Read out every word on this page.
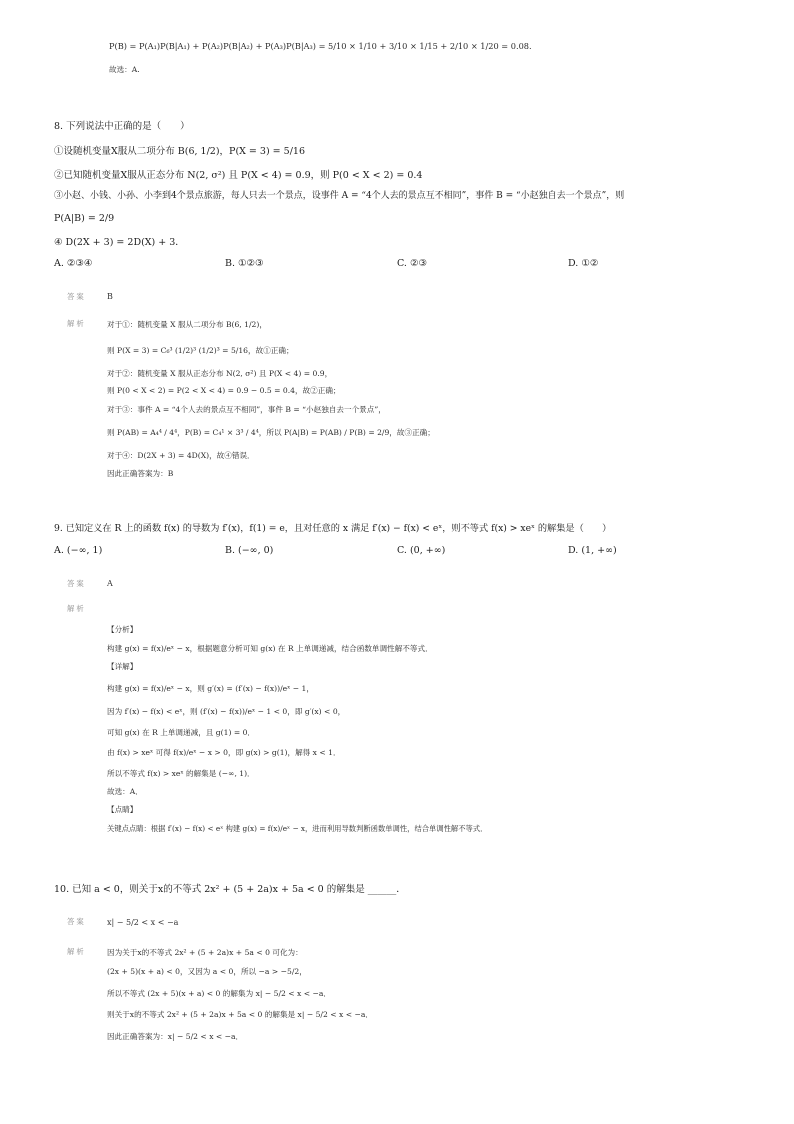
P(B) = P(A₁)P(B|A₁) + P(A₂)P(B|A₂) + P(A₃)P(B|A₃) = 5/10 × 1/10 + 3/10 × 1/15 + 2/10 × 1/20 = 0.08.
故选：A.
8. 下列说法中正确的是（　　）
①设随机变量X服从二项分布 B(6, 1/2)，P(X = 3) = 5/16
②已知随机变量X服从正态分布 N(2, σ²) 且 P(X < 4) = 0.9，则 P(0 < X < 2) = 0.4
③小赵、小钱、小孙、小李到4个景点旅游，每人只去一个景点，设事件 A = “4个人去的景点互不相同”，事件 B = “小赵独自去一个景点”，则
P(A|B) = 2/9
④ D(2X + 3) = 2D(X) + 3．
A. ②③④	B. ①②③	C. ②③	D. ①②
答案	B
解析	对于①：随机变量 X 服从二项分布 B(6, 1/2)，
则 P(X = 3) = C₆³ (1/2)³ (1/2)³ = 5/16，故①正确；
对于②：随机变量 X 服从正态分布 N(2, σ²) 且 P(X < 4) = 0.9，
则 P(0 < X < 2) = P(2 < X < 4) = 0.9 − 0.5 = 0.4，故②正确；
对于③：事件 A = “4个人去的景点互不相同”，事件 B = “小赵独自去一个景点”，
则 P(AB) = A₄⁴ / 4⁴，P(B) = C₄¹ × 3³ / 4⁴，所以 P(A|B) = P(AB) / P(B) = 2/9，故③正确；
对于④：D(2X + 3) = 4D(X)，故④错误．
因此正确答案为：B
9. 已知定义在 R 上的函数 f(x) 的导数为 f′(x)，f(1) = e，且对任意的 x 满足 f′(x) − f(x) < eˣ，则不等式 f(x) > xeˣ 的解集是（　　）
A. (−∞, 1)	B. (−∞, 0)	C. (0, +∞)	D. (1, +∞)
答案	A
解析
【分析】
构建 g(x) = f(x)/eˣ − x，根据题意分析可知 g(x) 在 R 上单调递减，结合函数单调性解不等式．
【详解】
构建 g(x) = f(x)/eˣ − x，则 g′(x) = (f′(x) − f(x))/eˣ − 1，
因为 f′(x) − f(x) < eˣ，则 (f′(x) − f(x))/eˣ − 1 < 0，即 g′(x) < 0，
可知 g(x) 在 R 上单调递减，且 g(1) = 0．
由 f(x) > xeˣ 可得 f(x)/eˣ − x > 0，即 g(x) > g(1)，解得 x < 1．
所以不等式 f(x) > xeˣ 的解集是 (−∞, 1)．
故选：A．
【点睛】
关键点点睛：根据 f′(x) − f(x) < eˣ 构建 g(x) = f(x)/eˣ − x，进而利用导数判断函数单调性，结合单调性解不等式．
10. 已知 a < 0，则关于x的不等式 2x² + (5 + 2a)x + 5a < 0 的解集是 ______．
答案	x| − 5/2 < x < −a
解析	因为关于x的不等式 2x² + (5 + 2a)x + 5a < 0 可化为：
(2x + 5)(x + a) < 0，又因为 a < 0，所以 −a > −5/2，
所以不等式 (2x + 5)(x + a) < 0 的解集为 x| − 5/2 < x < −a．
则关于x的不等式 2x² + (5 + 2a)x + 5a < 0 的解集是 x| − 5/2 < x < −a．
因此正确答案为：x| − 5/2 < x < −a．
